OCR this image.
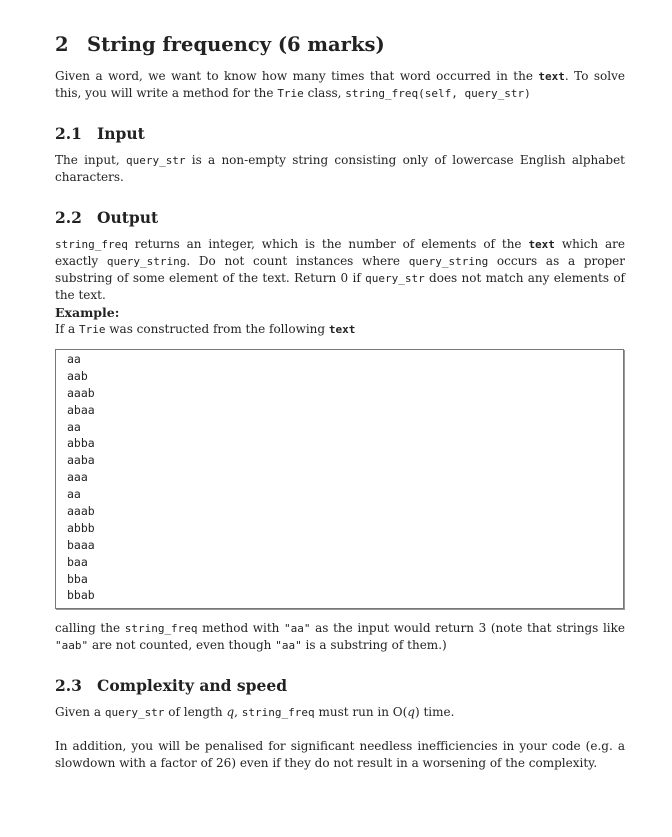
2 String frequency (6 marks)
Given a word, we want to know how many times that word occurred in the text. To solve this, you will write a method for the Trie class, string_freq(self, query_str)
2.1 Input
The input, query_str is a non-empty string consisting only of lowercase English alphabet characters.
2.2 Output
string_freq returns an integer, which is the number of elements of the text which are exactly query_string. Do not count instances where query_string occurs as a proper substring of some element of the text. Return 0 if query_str does not match any elements of the text.
Example:
If a Trie was constructed from the following text
aa
aab
aaab
abaa
aa
abba
aaba
aaa
aa
aaab
abbb
baaa
baa
bba
bbab
calling the string_freq method with "aa" as the input would return 3 (note that strings like "aab" are not counted, even though "aa" is a substring of them.)
2.3 Complexity and speed
Given a query_str of length q, string_freq must run in O(q) time.
In addition, you will be penalised for significant needless inefficiencies in your code (e.g. a slowdown with a factor of 26) even if they do not result in a worsening of the complexity.
